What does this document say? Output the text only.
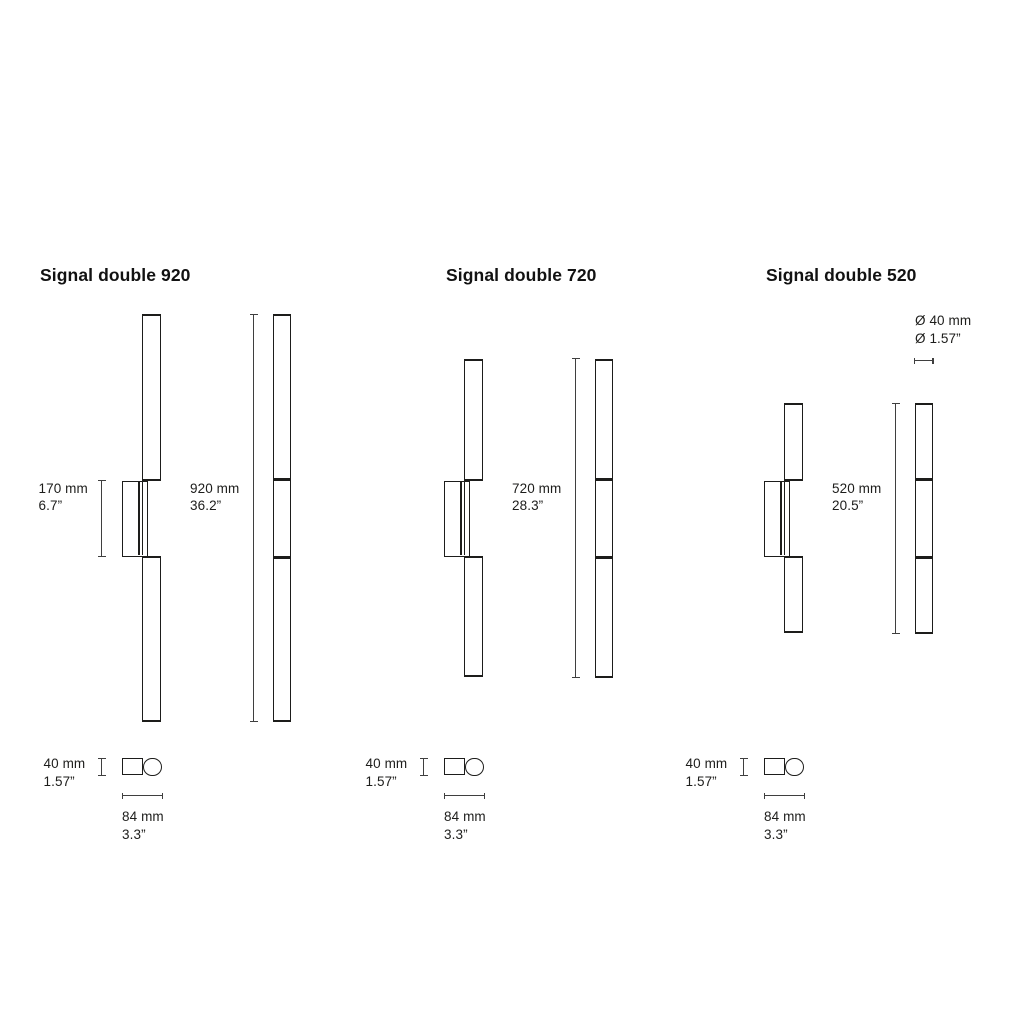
Signal double 920
920 mm
36.2”
170 mm
6.7”
40 mm
1.57”
84 mm
3.3”
Signal double 720
720 mm
28.3”
40 mm
1.57”
84 mm
3.3”
Signal double 520
520 mm
20.5”
Ø 40 mm
Ø 1.57”
40 mm
1.57”
84 mm
3.3”
